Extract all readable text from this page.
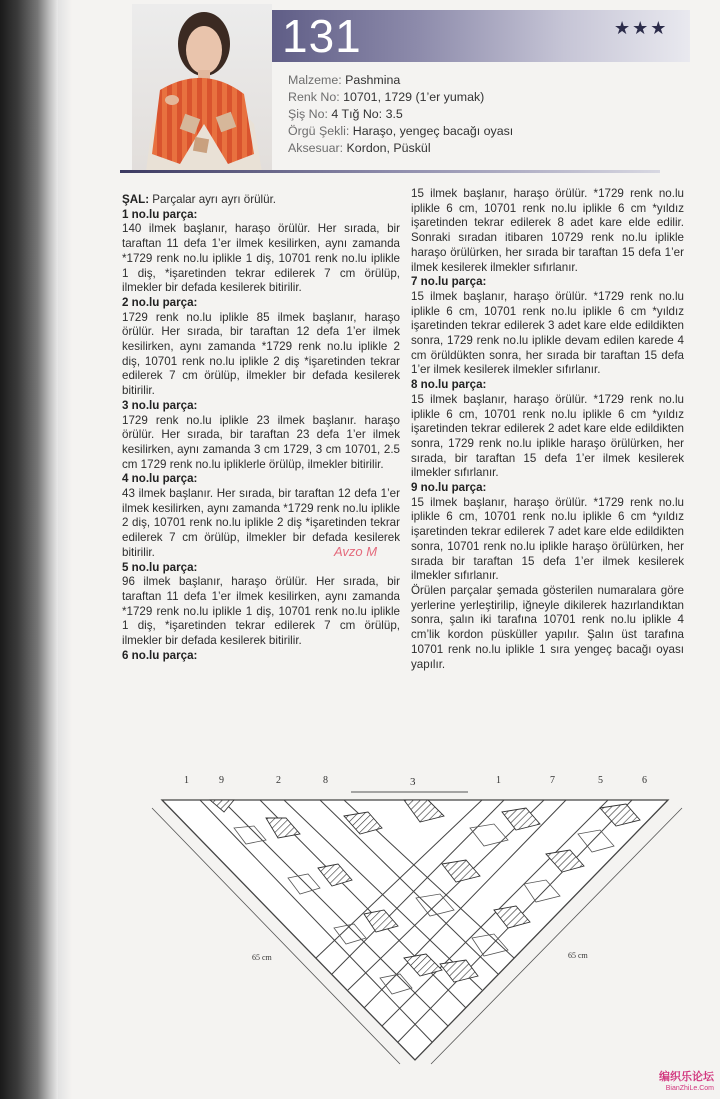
131	★★★
Malzeme: Pashmina
Renk No: 10701, 1729 (1’er yumak)
Şiş No: 4 Tığ No: 3.5
Örgü Şekli: Haraşo, yengeç bacağı oyası
Aksesuar: Kordon, Püskül

ŞAL: Parçalar ayrı ayrı örülür.

1 no.lu parça:

140 ilmek başlanır, haraşo örülür. Her sırada, bir taraftan 11 defa 1’er ilmek kesilirken, aynı zamanda *1729 renk no.lu iplikle 1 diş, 10701 renk no.lu iplikle 1 diş, *işaretinden tekrar edilerek 7 cm örülüp, ilmekler bir defada kesilerek bitirilir.

2 no.lu parça:

1729 renk no.lu iplikle 85 ilmek başlanır, haraşo örülür. Her sırada, bir taraftan 12 defa 1’er ilmek kesilirken, aynı zamanda *1729 renk no.lu iplikle 2 diş, 10701 renk no.lu iplikle 2 diş *işaretinden tekrar edilerek 7 cm örülüp, ilmekler bir defada kesilerek bitirilir.

3 no.lu parça:

1729 renk no.lu iplikle 23 ilmek başlanır. haraşo örülür. Her sırada, bir taraftan 23 defa 1’er ilmek kesilirken, aynı zamanda 3 cm 1729, 3 cm 10701, 2.5 cm 1729 renk no.lu ipliklerle örülüp, ilmekler bitirilir.

4 no.lu parça:

43 ilmek başlanır. Her sırada, bir taraftan 12 defa 1’er ilmek kesilirken, aynı zamanda *1729 renk no.lu iplikle 2 diş, 10701 renk no.lu iplikle 2 diş *işaretinden tekrar edilerek 7 cm örülüp, ilmekler bir defada kesilerek bitirilir.

5 no.lu parça:

96 ilmek başlanır, haraşo örülür. Her sırada, bir taraftan 11 defa 1’er ilmek kesilirken, aynı zamanda *1729 renk no.lu iplikle 1 diş, 10701 renk no.lu iplikle 1 diş, *işaretinden tekrar edilerek 7 cm örülüp, ilmekler bir defada kesilerek bitirilir.

6 no.lu parça:

15 ilmek başlanır, haraşo örülür. *1729 renk no.lu iplikle 6 cm, 10701 renk no.lu iplikle 6 cm *yıldız işaretinden tekrar edilerek 8 adet kare elde edilir. Sonraki sıradan itibaren 10729 renk no.lu iplikle haraşo örülürken, her sırada bir taraftan 15 defa 1’er ilmek kesilerek ilmekler sıfırlanır.

7 no.lu parça:

15 ilmek başlanır, haraşo örülür. *1729 renk no.lu iplikle 6 cm, 10701 renk no.lu iplikle 6 cm *yıldız işaretinden tekrar edilerek 3 adet kare elde edildikten sonra, 1729 renk no.lu iplikle devam edilen karede 4 cm örüldükten sonra, her sırada bir taraftan 15 defa 1’er ilmek kesilerek ilmekler sıfırlanır.

8 no.lu parça:

15 ilmek başlanır, haraşo örülür. *1729 renk no.lu iplikle 6 cm, 10701 renk no.lu iplikle 6 cm *yıldız işaretinden tekrar edilerek 2 adet kare elde edildikten sonra, 1729 renk no.lu iplikle haraşo örülürken, her sırada, bir taraftan 15 defa 1’er ilmek kesilerek ilmekler sıfırlanır.

9 no.lu parça:

15 ilmek başlanır, haraşo örülür. *1729 renk no.lu iplikle 6 cm, 10701 renk no.lu iplikle 6 cm *yıldız işaretinden tekrar edilerek 7 adet kare elde edildikten sonra, 10701 renk no.lu iplikle haraşo örülürken, her sırada bir taraftan 15 defa 1’er ilmek kesilerek ilmekler sıfırlanır.

Örülen parçalar şemada gösterilen numaralara göre yerlerine yerleştirilip, iğneyle dikilerek hazırlandıktan sonra, şalın iki tarafına 10701 renk no.lu iplikle 4 cm’lik kordon püsküller yapılır. Şalın üst tarafına 10701 renk no.lu iplikle 1 sıra yengeç bacağı oyası yapılır.

Avzo M
1	9	2	8	3	1	7	5	6
65 cm	65 cm
编织乐论坛
BianZhiLe.Com
